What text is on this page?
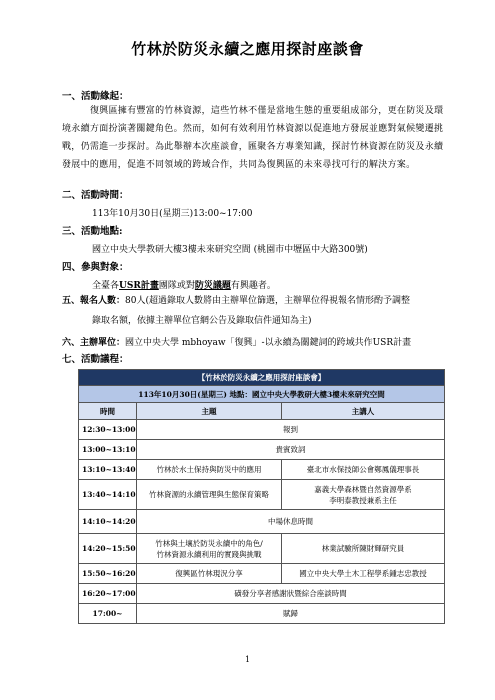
竹林於防災永續之應用探討座談會
一、活動緣起：
復興區擁有豐富的竹林資源，這些竹林不僅是當地生態的重要組成部分，更在防災及環境永續方面扮演著關鍵角色。然而，如何有效利用竹林資源以促進地方發展並應對氣候變遷挑戰，仍需進一步探討。為此舉辦本次座談會，匯聚各方專業知識，探討竹林資源在防災及永續發展中的應用，促進不同領域的跨域合作，共同為復興區的未來尋找可行的解決方案。
二、活動時間：
113年10月30日(星期三)13:00~17:00
三、活動地點:
國立中央大學教研大樓3樓未來研究空間 (桃園市中壢區中大路300號)
四、參與對象：
全臺各USR計畫團隊或對防災議題有興趣者。
五、報名人數：80人(超過錄取人數將由主辦單位篩選，主辦單位得視報名情形酌予調整
錄取名額，依據主辦單位官網公告及錄取信件通知為主)
六、主辦單位：國立中央大學 mbhoyaw「復興」-以永續為關鍵詞的跨域共作USR計畫
七、活動議程：
【竹林於防災永續之應用探討座談會】		
113年10月30日(星期三) 地點：國立中央大學教研大樓3樓未來研究空間		
時間	主題	主講人
12:30~13:00	報到	
13:00~13:10	貴賓致詞	
13:10~13:40	竹林於水土保持與防災中的應用	臺北市水保技師公會鄭鳳儀理事長
13:40~14:10	竹林資源的永續管理與生態保育策略	嘉義大學森林暨自然資源學系
李明泰教授兼系主任
14:10~14:20	中場休息時間	
14:20~15:50	竹林與土壤於防災永續中的角色/
竹林資源永續利用的實踐與挑戰	林業試驗所陳財輝研究員
15:50~16:20	復興區竹林現況分享	國立中央大學土木工程學系鍾志忠教授
16:20~17:00	磺發分享者感謝狀暨綜合座談時間	
17:00~	賦歸	
1
